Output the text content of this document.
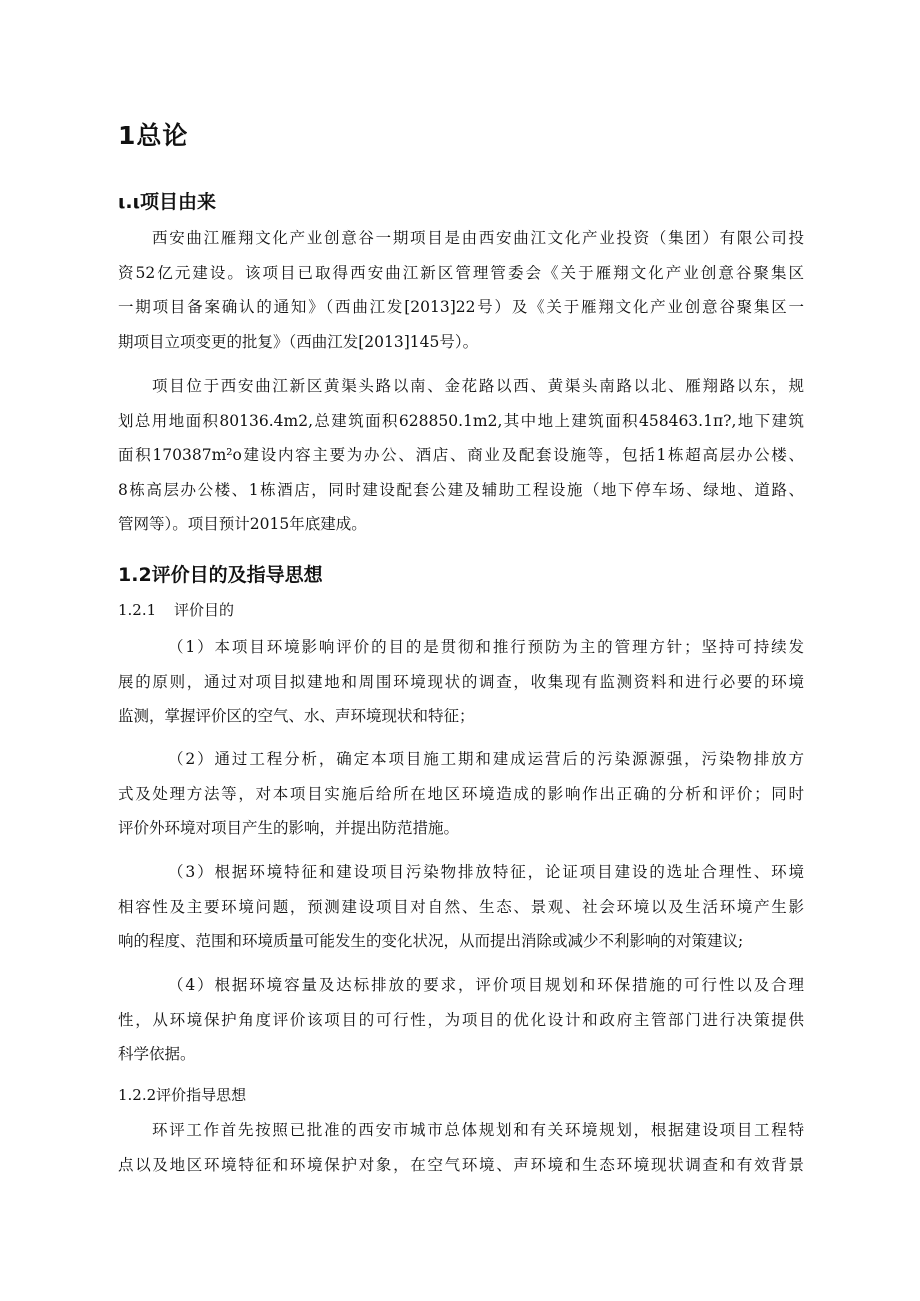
1总论
ι.ι项目由来
西安曲江雁翔文化产业创意谷一期项目是由西安曲江文化产业投资（集团）有限公司投
资52亿元建设。该项目已取得西安曲江新区管理管委会《关于雁翔文化产业创意谷聚集区
一期项目备案确认的通知》（西曲江发[2013]22号）及《关于雁翔文化产业创意谷聚集区一
期项目立项变更的批复》（西曲江发[2013]145号）。
项目位于西安曲江新区黄渠头路以南、金花路以西、黄渠头南路以北、雁翔路以东，规
划总用地面积80136.4m2,总建筑面积628850.1m2,其中地上建筑面积458463.1π?,地下建筑
面积170387m²o建设内容主要为办公、酒店、商业及配套设施等，包括1栋超高层办公楼、
8栋高层办公楼、1栋酒店，同时建设配套公建及辅助工程设施（地下停车场、绿地、道路、
管网等）。项目预计2015年底建成。
1.2评价目的及指导思想
1.2.1 评价目的
（1）本项目环境影响评价的目的是贯彻和推行预防为主的管理方针；坚持可持续发
展的原则，通过对项目拟建地和周围环境现状的调查，收集现有监测资料和进行必要的环境
监测，掌握评价区的空气、水、声环境现状和特征；
（2）通过工程分析，确定本项目施工期和建成运营后的污染源源强，污染物排放方
式及处理方法等，对本项目实施后给所在地区环境造成的影响作出正确的分析和评价；同时
评价外环境对项目产生的影响，并提出防范措施。
（3）根据环境特征和建设项目污染物排放特征，论证项目建设的选址合理性、环境
相容性及主要环境问题，预测建设项目对自然、生态、景观、社会环境以及生活环境产生影
响的程度、范围和环境质量可能发生的变化状况，从而提出消除或减少不利影响的对策建议;
（4）根据环境容量及达标排放的要求，评价项目规划和环保措施的可行性以及合理
性，从环境保护角度评价该项目的可行性，为项目的优化设计和政府主管部门进行决策提供
科学依据。
1.2.2评价指导思想
环评工作首先按照已批准的西安市城市总体规划和有关环境规划，根据建设项目工程特
点以及地区环境特征和环境保护对象，在空气环境、声环境和生态环境现状调查和有效背景
